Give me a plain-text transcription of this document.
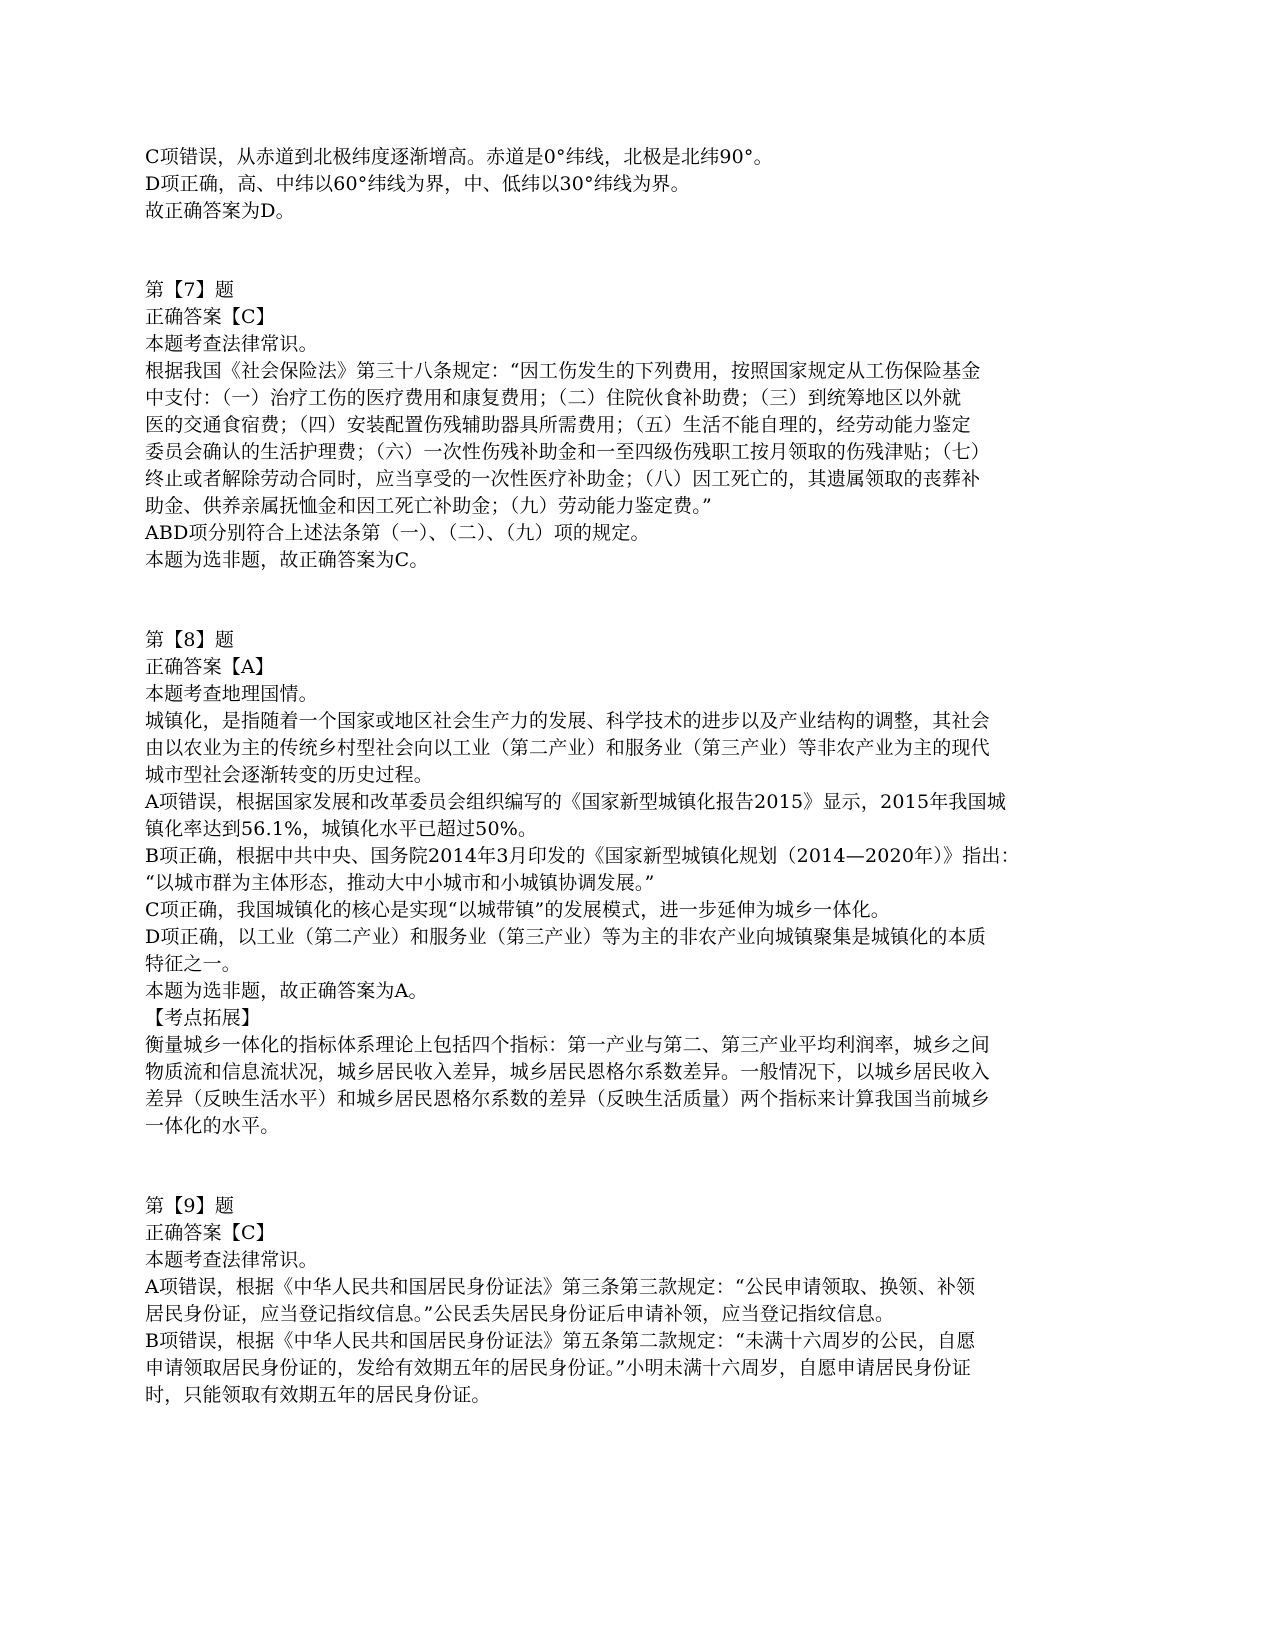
C项错误，从赤道到北极纬度逐渐增高。赤道是0°纬线，北极是北纬90°。
D项正确，高、中纬以60°纬线为界，中、低纬以30°纬线为界。
故正确答案为D。
第【7】题
正确答案【C】
本题考查法律常识。
根据我国《社会保险法》第三十八条规定：“因工伤发生的下列费用，按照国家规定从工伤保险基金
中支付：（一）治疗工伤的医疗费用和康复费用；（二）住院伙食补助费；（三）到统筹地区以外就
医的交通食宿费；（四）安装配置伤残辅助器具所需费用；（五）生活不能自理的，经劳动能力鉴定
委员会确认的生活护理费；（六）一次性伤残补助金和一至四级伤残职工按月领取的伤残津贴；（七）
终止或者解除劳动合同时，应当享受的一次性医疗补助金；（八）因工死亡的，其遗属领取的丧葬补
助金、供养亲属抚恤金和因工死亡补助金；（九）劳动能力鉴定费。”
ABD项分别符合上述法条第（一）、（二）、（九）项的规定。
本题为选非题，故正确答案为C。
第【8】题
正确答案【A】
本题考查地理国情。
城镇化，是指随着一个国家或地区社会生产力的发展、科学技术的进步以及产业结构的调整，其社会
由以农业为主的传统乡村型社会向以工业（第二产业）和服务业（第三产业）等非农产业为主的现代
城市型社会逐渐转变的历史过程。
A项错误，根据国家发展和改革委员会组织编写的《国家新型城镇化报告2015》显示，2015年我国城
镇化率达到56.1%，城镇化水平已超过50%。
B项正确，根据中共中央、国务院2014年3月印发的《国家新型城镇化规划（2014—2020年）》指出：
“以城市群为主体形态，推动大中小城市和小城镇协调发展。”
C项正确，我国城镇化的核心是实现“以城带镇”的发展模式，进一步延伸为城乡一体化。
D项正确，以工业（第二产业）和服务业（第三产业）等为主的非农产业向城镇聚集是城镇化的本质
特征之一。
本题为选非题，故正确答案为A。
【考点拓展】
衡量城乡一体化的指标体系理论上包括四个指标：第一产业与第二、第三产业平均利润率，城乡之间
物质流和信息流状况，城乡居民收入差异，城乡居民恩格尔系数差异。一般情况下，以城乡居民收入
差异（反映生活水平）和城乡居民恩格尔系数的差异（反映生活质量）两个指标来计算我国当前城乡
一体化的水平。
第【9】题
正确答案【C】
本题考查法律常识。
A项错误，根据《中华人民共和国居民身份证法》第三条第三款规定：“公民申请领取、换领、补领
居民身份证，应当登记指纹信息。”公民丢失居民身份证后申请补领，应当登记指纹信息。
B项错误，根据《中华人民共和国居民身份证法》第五条第二款规定：“未满十六周岁的公民，自愿
申请领取居民身份证的，发给有效期五年的居民身份证。”小明未满十六周岁，自愿申请居民身份证
时，只能领取有效期五年的居民身份证。
